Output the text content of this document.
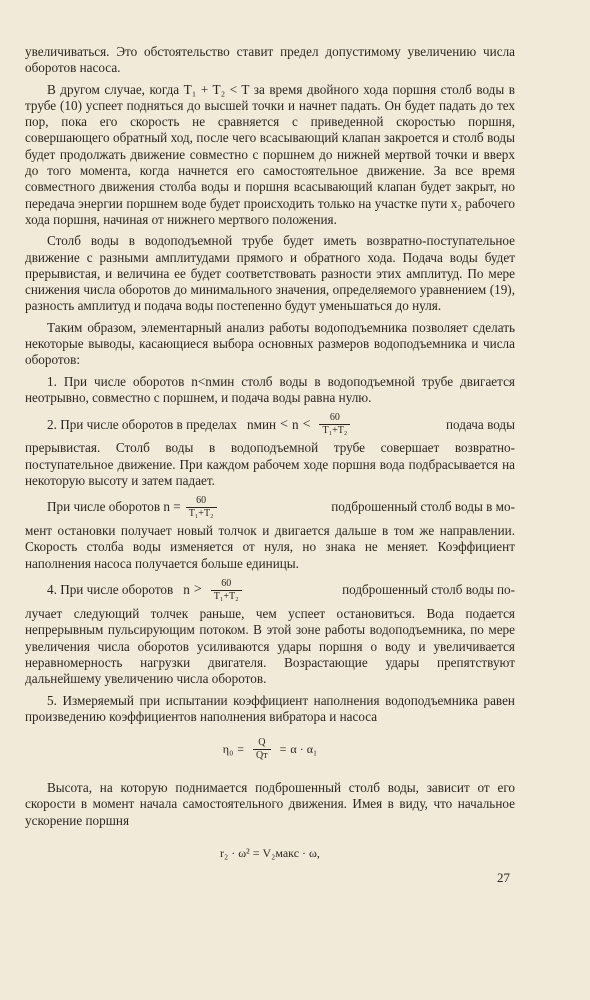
увеличиваться. Это обстоятельство ставит предел допустимому увеличению числа оборотов насоса.

В другом случае, когда T₁ + T₂ < T за время двойного хода поршня столб воды в трубе (10) успеет подняться до высшей точки и начнет падать. Он будет падать до тех пор, пока его скорость не сравняется с приведенной скоростью поршня, совершающего обратный ход, после чего всасывающий клапан закроется и столб воды будет продолжать движение совместно с поршнем до нижней мертвой точки и вверх до того момента, когда начнется его самостоятельное движение. За все время совместного движения столба воды и поршня всасывающий клапан будет закрыт, но передача энергии поршнем воде будет происходить только на участке пути x₂ рабочего хода поршня, начиная от нижнего мертвого положения.

Столб воды в водоподъемной трубе будет иметь возвратно-поступательное движение с разными амплитудами прямого и обратного хода. Подача воды будет прерывистая, и величина ее будет соответствовать разности этих амплитуд. По мере снижения числа оборотов до минимального значения, определяемого уравнением (19), разность амплитуд и подача воды постепенно будут уменьшаться до нуля.

Таким образом, элементарный анализ работы водоподъемника позволяет сделать некоторые выводы, касающиеся выбора основных размеров водоподъемника и числа оборотов:

1. При числе оборотов n<nмин столб воды в водоподъемной трубе двигается неотрывно, совместно с поршнем, и подача воды равна нулю.

2. При числе оборотов в пределах nмин < $n < \frac{60}{\text{T₁+T₂}}$	подача воды

прерывистая. Столб воды в водоподъемной трубе совершает возвратно-поступательное движение. При каждом рабочем ходе поршня вода подбрасывается на некоторую высоту и затем падает.

При числе оборотов $n = \frac{60}{\text{T₁+T₂}}$	подброшенный столб воды в мо-

мент остановки получает новый толчок и двигается дальше в том же направлении. Скорость столба воды изменяется от нуля, но знака не меняет. Коэффициент наполнения насоса получается больше единицы.

4. При числе оборотов $n > \frac{60}{\text{T₁+T₂}}$	подброшенный столб воды по-

лучает следующий толчек раньше, чем успеет остановиться. Вода подается непрерывным пульсирующим потоком. В этой зоне работы водоподъемника, по мере увеличения числа оборотов усиливаются удары поршня о воду и увеличивается неравномерность нагрузки двигателя. Возрастающие удары препятствуют дальнейшему увеличению числа оборотов.

5. Измеряемый при испытании коэффициент наполнения водоподъемника равен произведению коэффициентов наполнения вибратора и насоса

$\eta_0 = \frac{Q}{Qт} = \alpha \cdot \alpha_1$

Высота, на которую поднимается подброшенный столб воды, зависит от его скорости в момент начала самостоятельного движения. Имея в виду, что начальное ускорение поршня

r₂ · ω² = V₂макс · ω,
27
